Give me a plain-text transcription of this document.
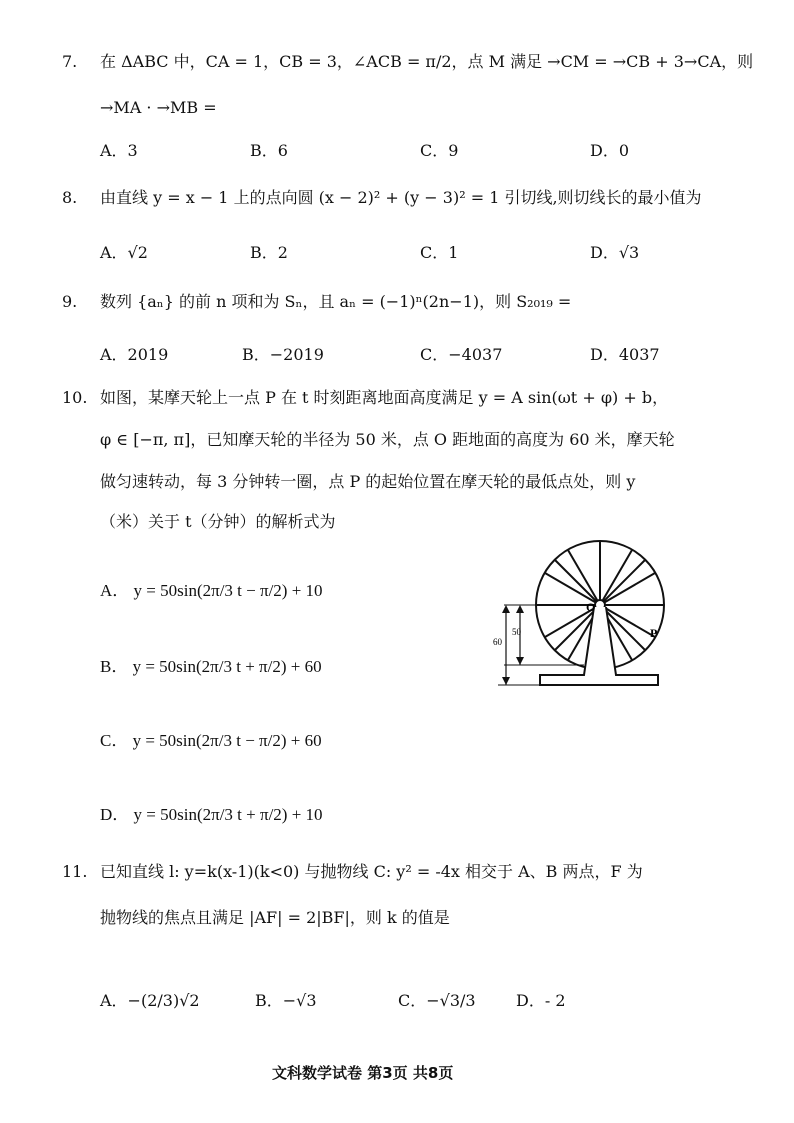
7. 在 ΔABC 中，CA = 1，CB = 3，∠ACB = π/2，点 M 满足 →CM = →CB + 3→CA，则
→MA · →MB =
A．3	B．6	C．9	D．0
8. 由直线 y = x − 1 上的点向圆 (x − 2)² + (y − 3)² = 1 引切线,则切线长的最小值为
A．√2	B．2	C．1	D．√3
9. 数列 {aₙ} 的前 n 项和为 Sₙ，且 aₙ = (−1)ⁿ(2n−1)，则 S₂₀₁₉ =
A．2019	B．−2019	C．−4037	D．4037
10. 如图，某摩天轮上一点 P 在 t 时刻距离地面高度满足 y = A sin(ωt + φ) + b，
φ ∈ [−π, π]，已知摩天轮的半径为 50 米，点 O 距地面的高度为 60 米，摩天轮
做匀速转动，每 3 分钟转一圈，点 P 的起始位置在摩天轮的最低点处，则 y
（米）关于 t（分钟）的解析式为
A． y = 50sin(2π/3 t − π/2) + 10
B． y = 50sin(2π/3 t + π/2) + 60
C． y = 50sin(2π/3 t − π/2) + 60
D． y = 50sin(2π/3 t + π/2) + 10
O
P
60
50
11. 已知直线 l: y=k(x-1)(k<0) 与抛物线 C: y² = -4x 相交于 A、B 两点，F 为
抛物线的焦点且满足 |AF| = 2|BF|，则 k 的值是
A．−(2/3)√2	B．−√3	C．−√3/3	D．- 2
文科数学试卷 第3页 共8页
